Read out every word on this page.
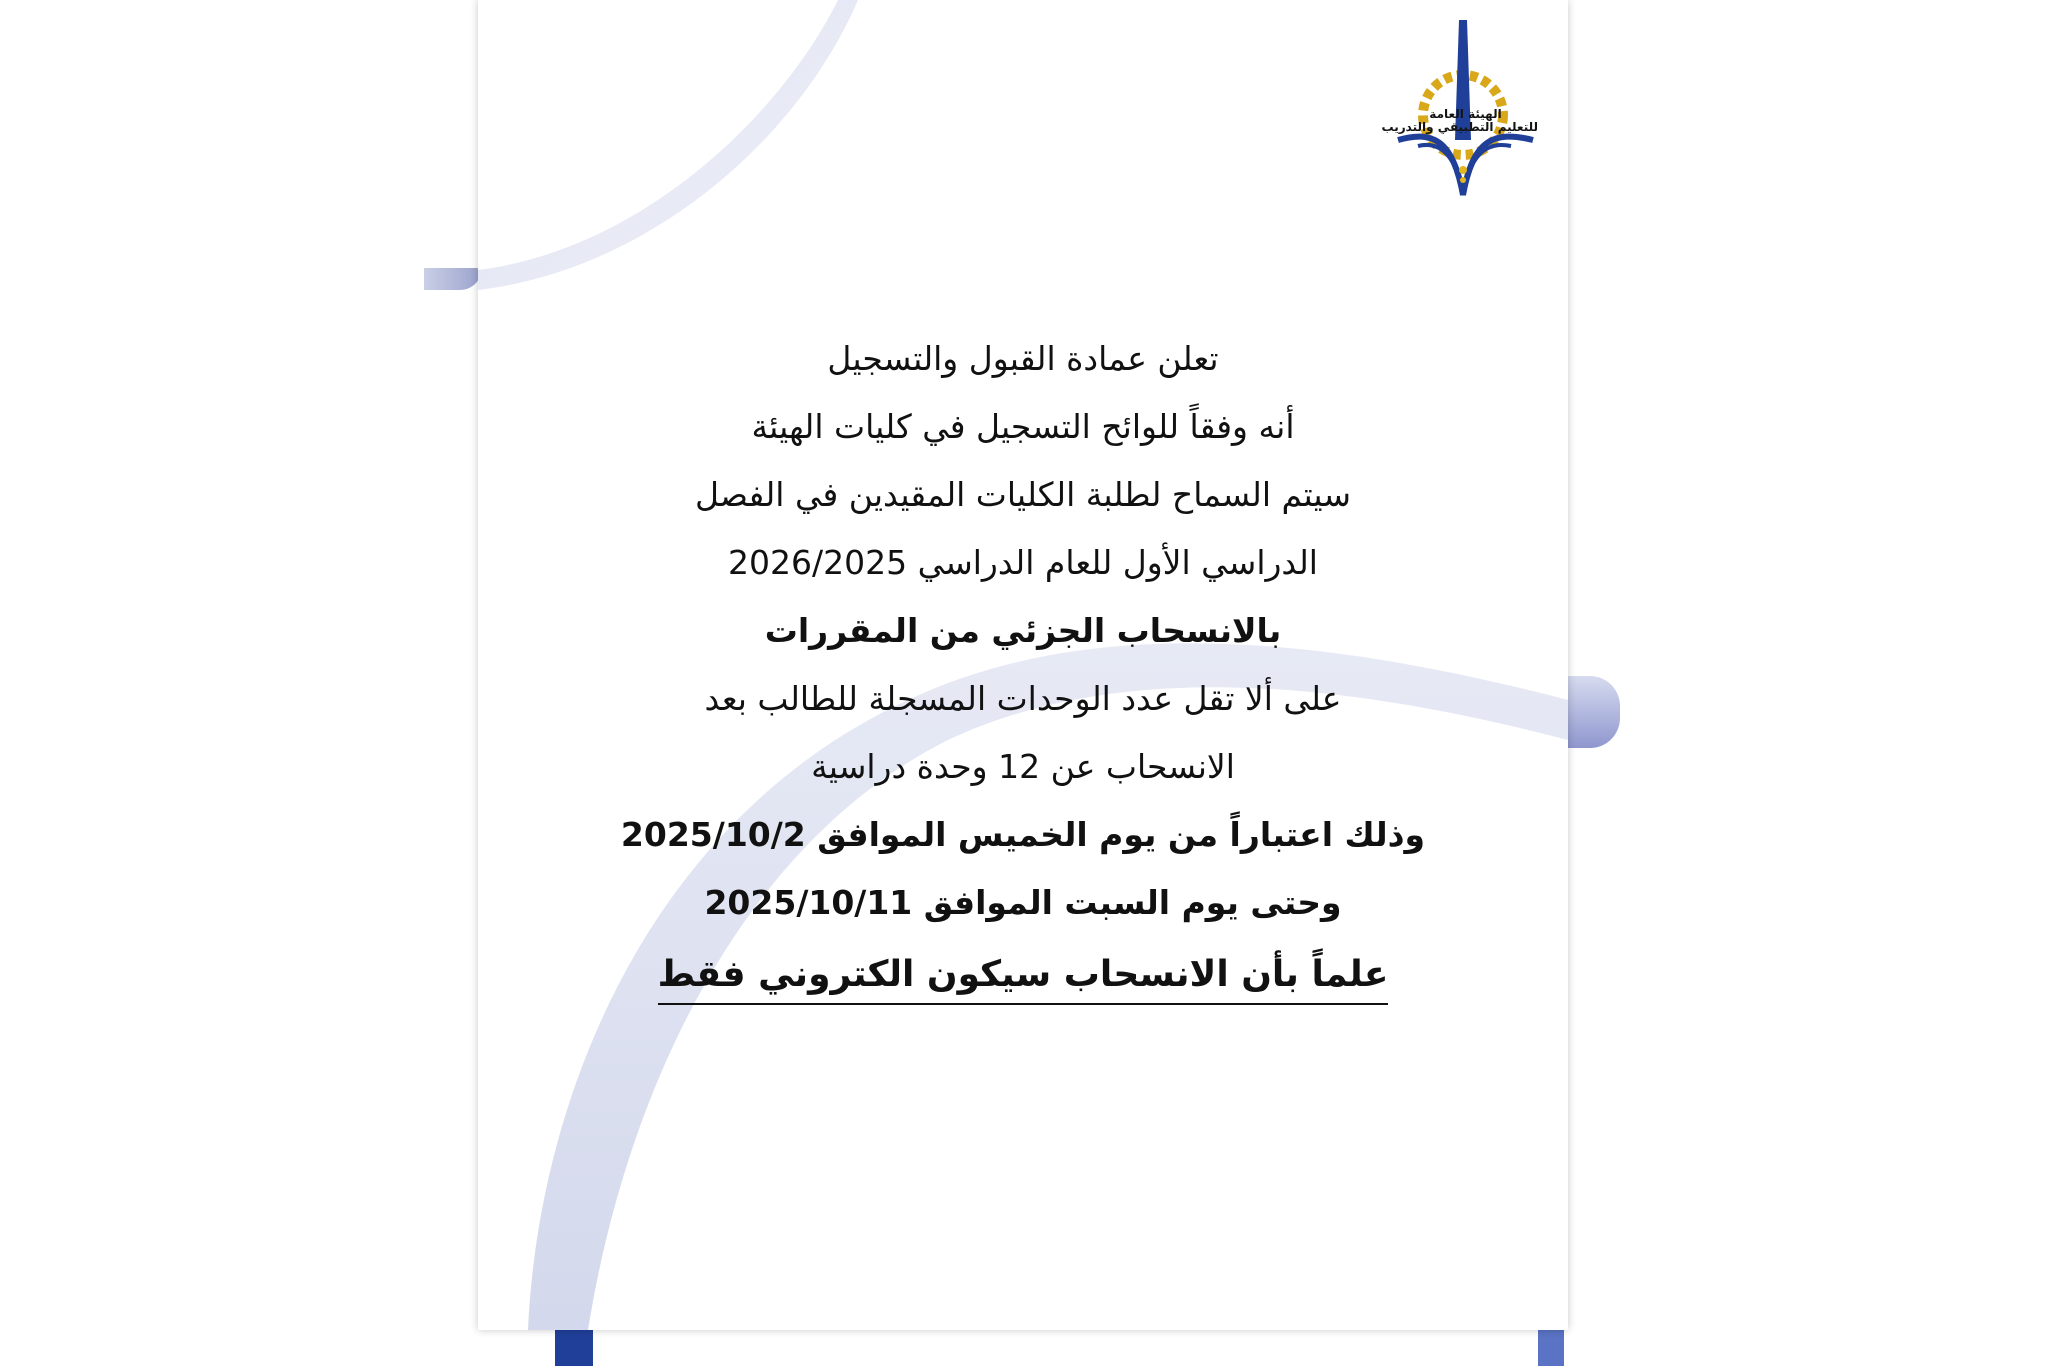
الهيئة العامة
للتعليم التطبيقي والتدريب
تعلن عمادة القبول والتسجيل
أنه وفقاً للوائح التسجيل في كليات الهيئة
سيتم السماح لطلبة الكليات المقيدين في الفصل
الدراسي الأول للعام الدراسي 2026/2025
بالانسحاب الجزئي من المقررات
على ألا تقل عدد الوحدات المسجلة للطالب بعد
الانسحاب عن 12 وحدة دراسية
وذلك اعتباراً من يوم الخميس الموافق 2025/10/2
وحتى يوم السبت الموافق 2025/10/11
علماً بأن الانسحاب سيكون الكتروني فقط
